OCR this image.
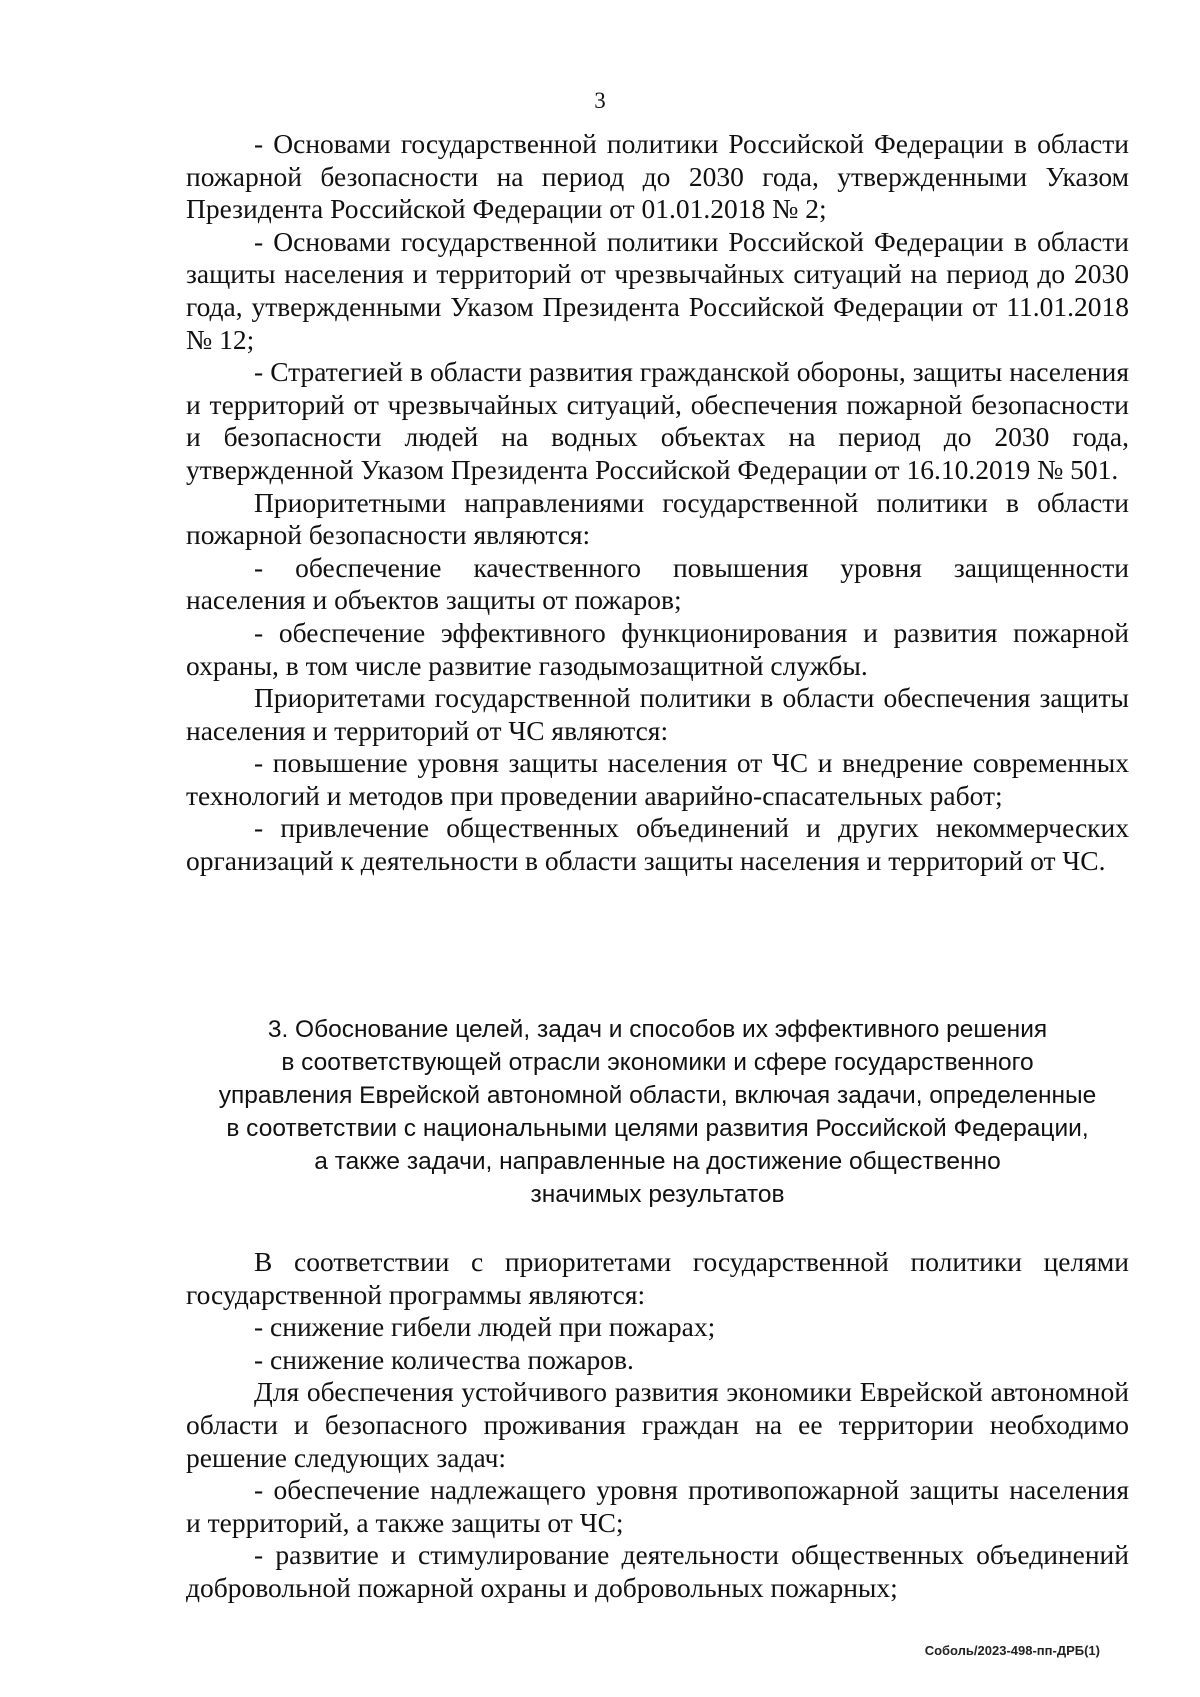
3

- Основами государственной политики Российской Федерации в области пожарной безопасности на период до 2030 года, утвержденными Указом Президента Российской Федерации от 01.01.2018 № 2;

- Основами государственной политики Российской Федерации в области защиты населения и территорий от чрезвычайных ситуаций на период до 2030 года, утвержденными Указом Президента Российской Федерации от 11.01.2018 № 12;

- Стратегией в области развития гражданской обороны, защиты населения и территорий от чрезвычайных ситуаций, обеспечения пожарной безопасности и безопасности людей на водных объектах на период до 2030 года, утвержденной Указом Президента Российской Федерации от 16.10.2019 № 501.

Приоритетными направлениями государственной политики в области пожарной безопасности являются:

- обеспечение качественного повышения уровня защищенности населения и объектов защиты от пожаров;

- обеспечение эффективного функционирования и развития пожарной охраны, в том числе развитие газодымозащитной службы.

Приоритетами государственной политики в области обеспечения защиты населения и территорий от ЧС являются:

- повышение уровня защиты населения от ЧС и внедрение современных технологий и методов при проведении аварийно-спасательных работ;

- привлечение общественных объединений и других некоммерческих организаций к деятельности в области защиты населения и территорий от ЧС.

3. Обоснование целей, задач и способов их эффективного решения
в соответствующей отрасли экономики и сфере государственного
управления Еврейской автономной области, включая задачи, определенные
в соответствии с национальными целями развития Российской Федерации,
а также задачи, направленные на достижение общественно
значимых результатов

В соответствии с приоритетами государственной политики целями государственной программы являются:

- снижение гибели людей при пожарах;

- снижение количества пожаров.

Для обеспечения устойчивого развития экономики Еврейской автономной области и безопасного проживания граждан на ее территории необходимо решение следующих задач:

- обеспечение надлежащего уровня противопожарной защиты населения и территорий, а также защиты от ЧС;

- развитие и стимулирование деятельности общественных объединений добровольной пожарной охраны и добровольных пожарных;

Соболь/2023-498-пп-ДРБ(1)
